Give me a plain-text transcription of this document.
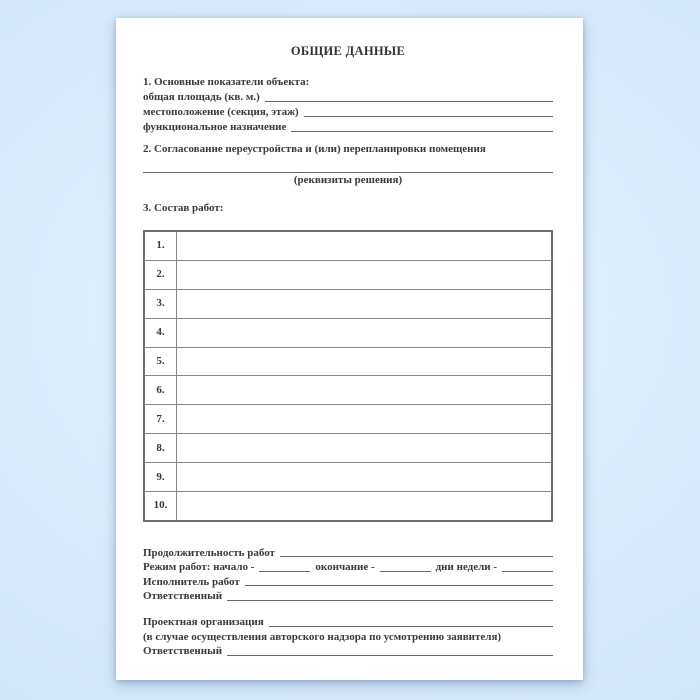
ОБЩИЕ ДАННЫЕ
1. Основные показатели объекта:
общая площадь (кв. м.)
местоположение (секция, этаж)
функциональное назначение
2. Согласование переустройства и (или) перепланировки помещения
(реквизиты решения)
3. Состав работ:
1.	
2.	
3.	
4.	
5.	
6.	
7.	
8.	
9.	
10.	
Продолжительность работ
Режим работ: начало -	окончание -	дни недели -
Исполнитель работ
Ответственный
Проектная организация
(в случае осуществления авторского надзора по усмотрению заявителя)
Ответственный
